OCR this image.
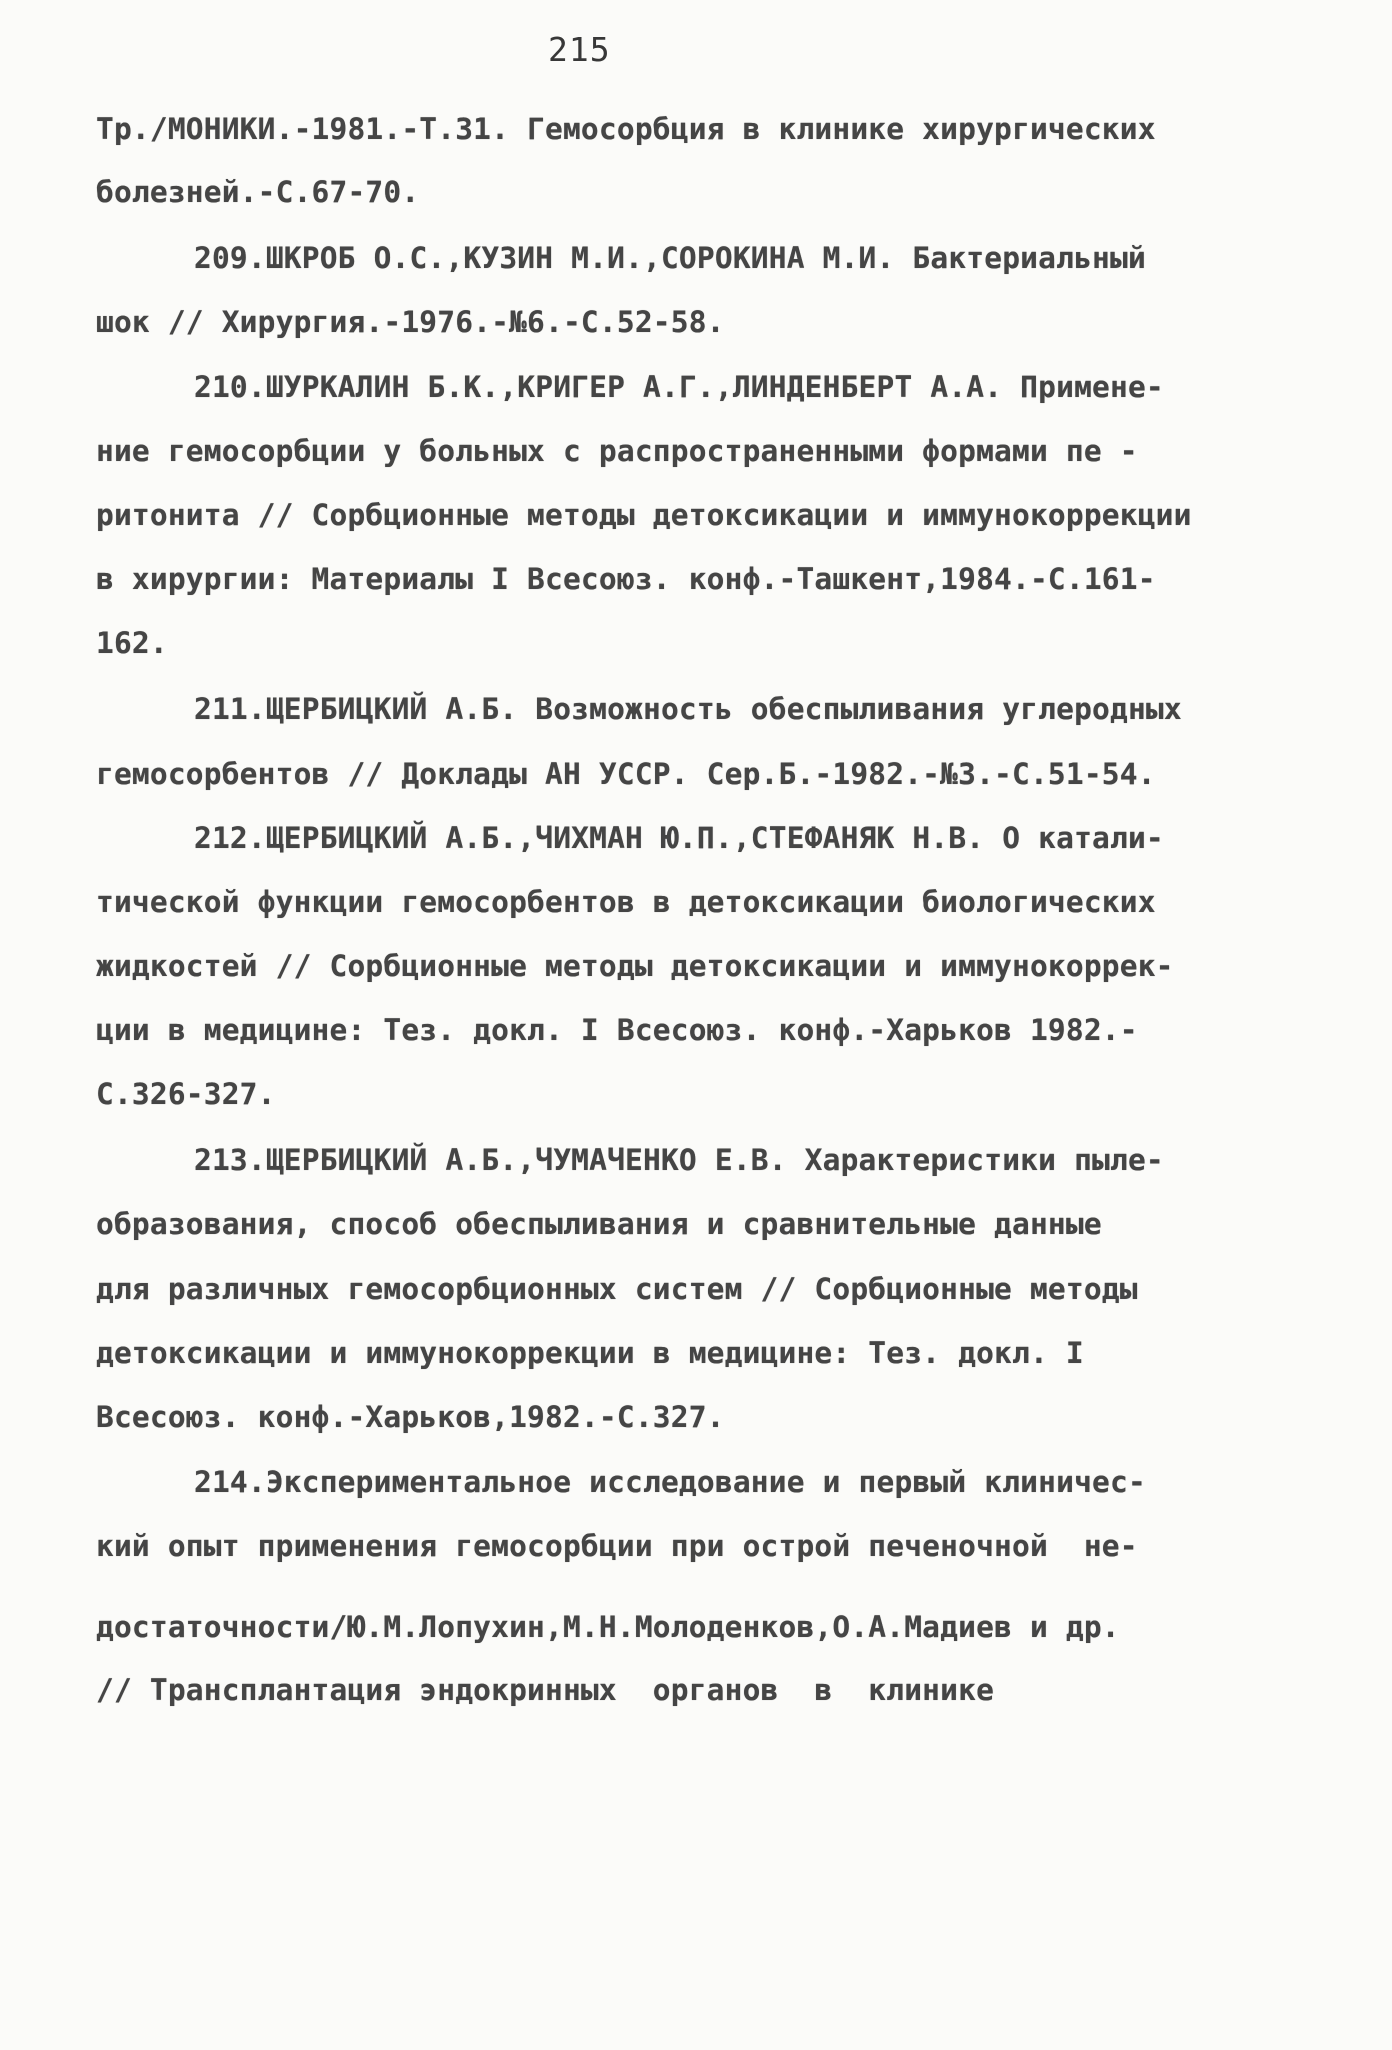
215
Тр./МОНИКИ.-1981.-Т.31. Гемосорбция в клинике хирургических
болезней.-С.67-70.
209.ШКРОБ О.С.,КУЗИН М.И.,СОРОКИНА М.И. Бактериальный
шок // Хирургия.-1976.-№6.-С.52-58.
210.ШУРКАЛИН Б.К.,КРИГЕР А.Г.,ЛИНДЕНБЕРТ А.А. Примене-
ние гемосорбции у больных с распространенными формами пе -
ритонита // Сорбционные методы детоксикации и иммунокоррекции
в хирургии: Материалы I Всесоюз. конф.-Ташкент,1984.-С.161-
162.
211.ЩЕРБИЦКИЙ А.Б. Возможность обеспыливания углеродных
гемосорбентов // Доклады АН УССР. Сер.Б.-1982.-№3.-С.51-54.
212.ЩЕРБИЦКИЙ А.Б.,ЧИХМАН Ю.П.,СТЕФАНЯК Н.В. О катали-
тической функции гемосорбентов в детоксикации биологических
жидкостей // Сорбционные методы детоксикации и иммунокоррек-
ции в медицине: Тез. докл. I Всесоюз. конф.-Харьков 1982.-
С.326-327.
213.ЩЕРБИЦКИЙ А.Б.,ЧУМАЧЕНКО Е.В. Характеристики пыле-
образования, способ обеспыливания и сравнительные данные
для различных гемосорбционных систем // Сорбционные методы
детоксикации и иммунокоррекции в медицине: Тез. докл. I
Всесоюз. конф.-Харьков,1982.-С.327.
214.Экспериментальное исследование и первый клиничес-
кий опыт применения гемосорбции при острой печеночной  не-
достаточности/Ю.М.Лопухин,М.Н.Молоденков,О.А.Мадиев и др.
// Трансплантация эндокринных  органов  в  клинике
